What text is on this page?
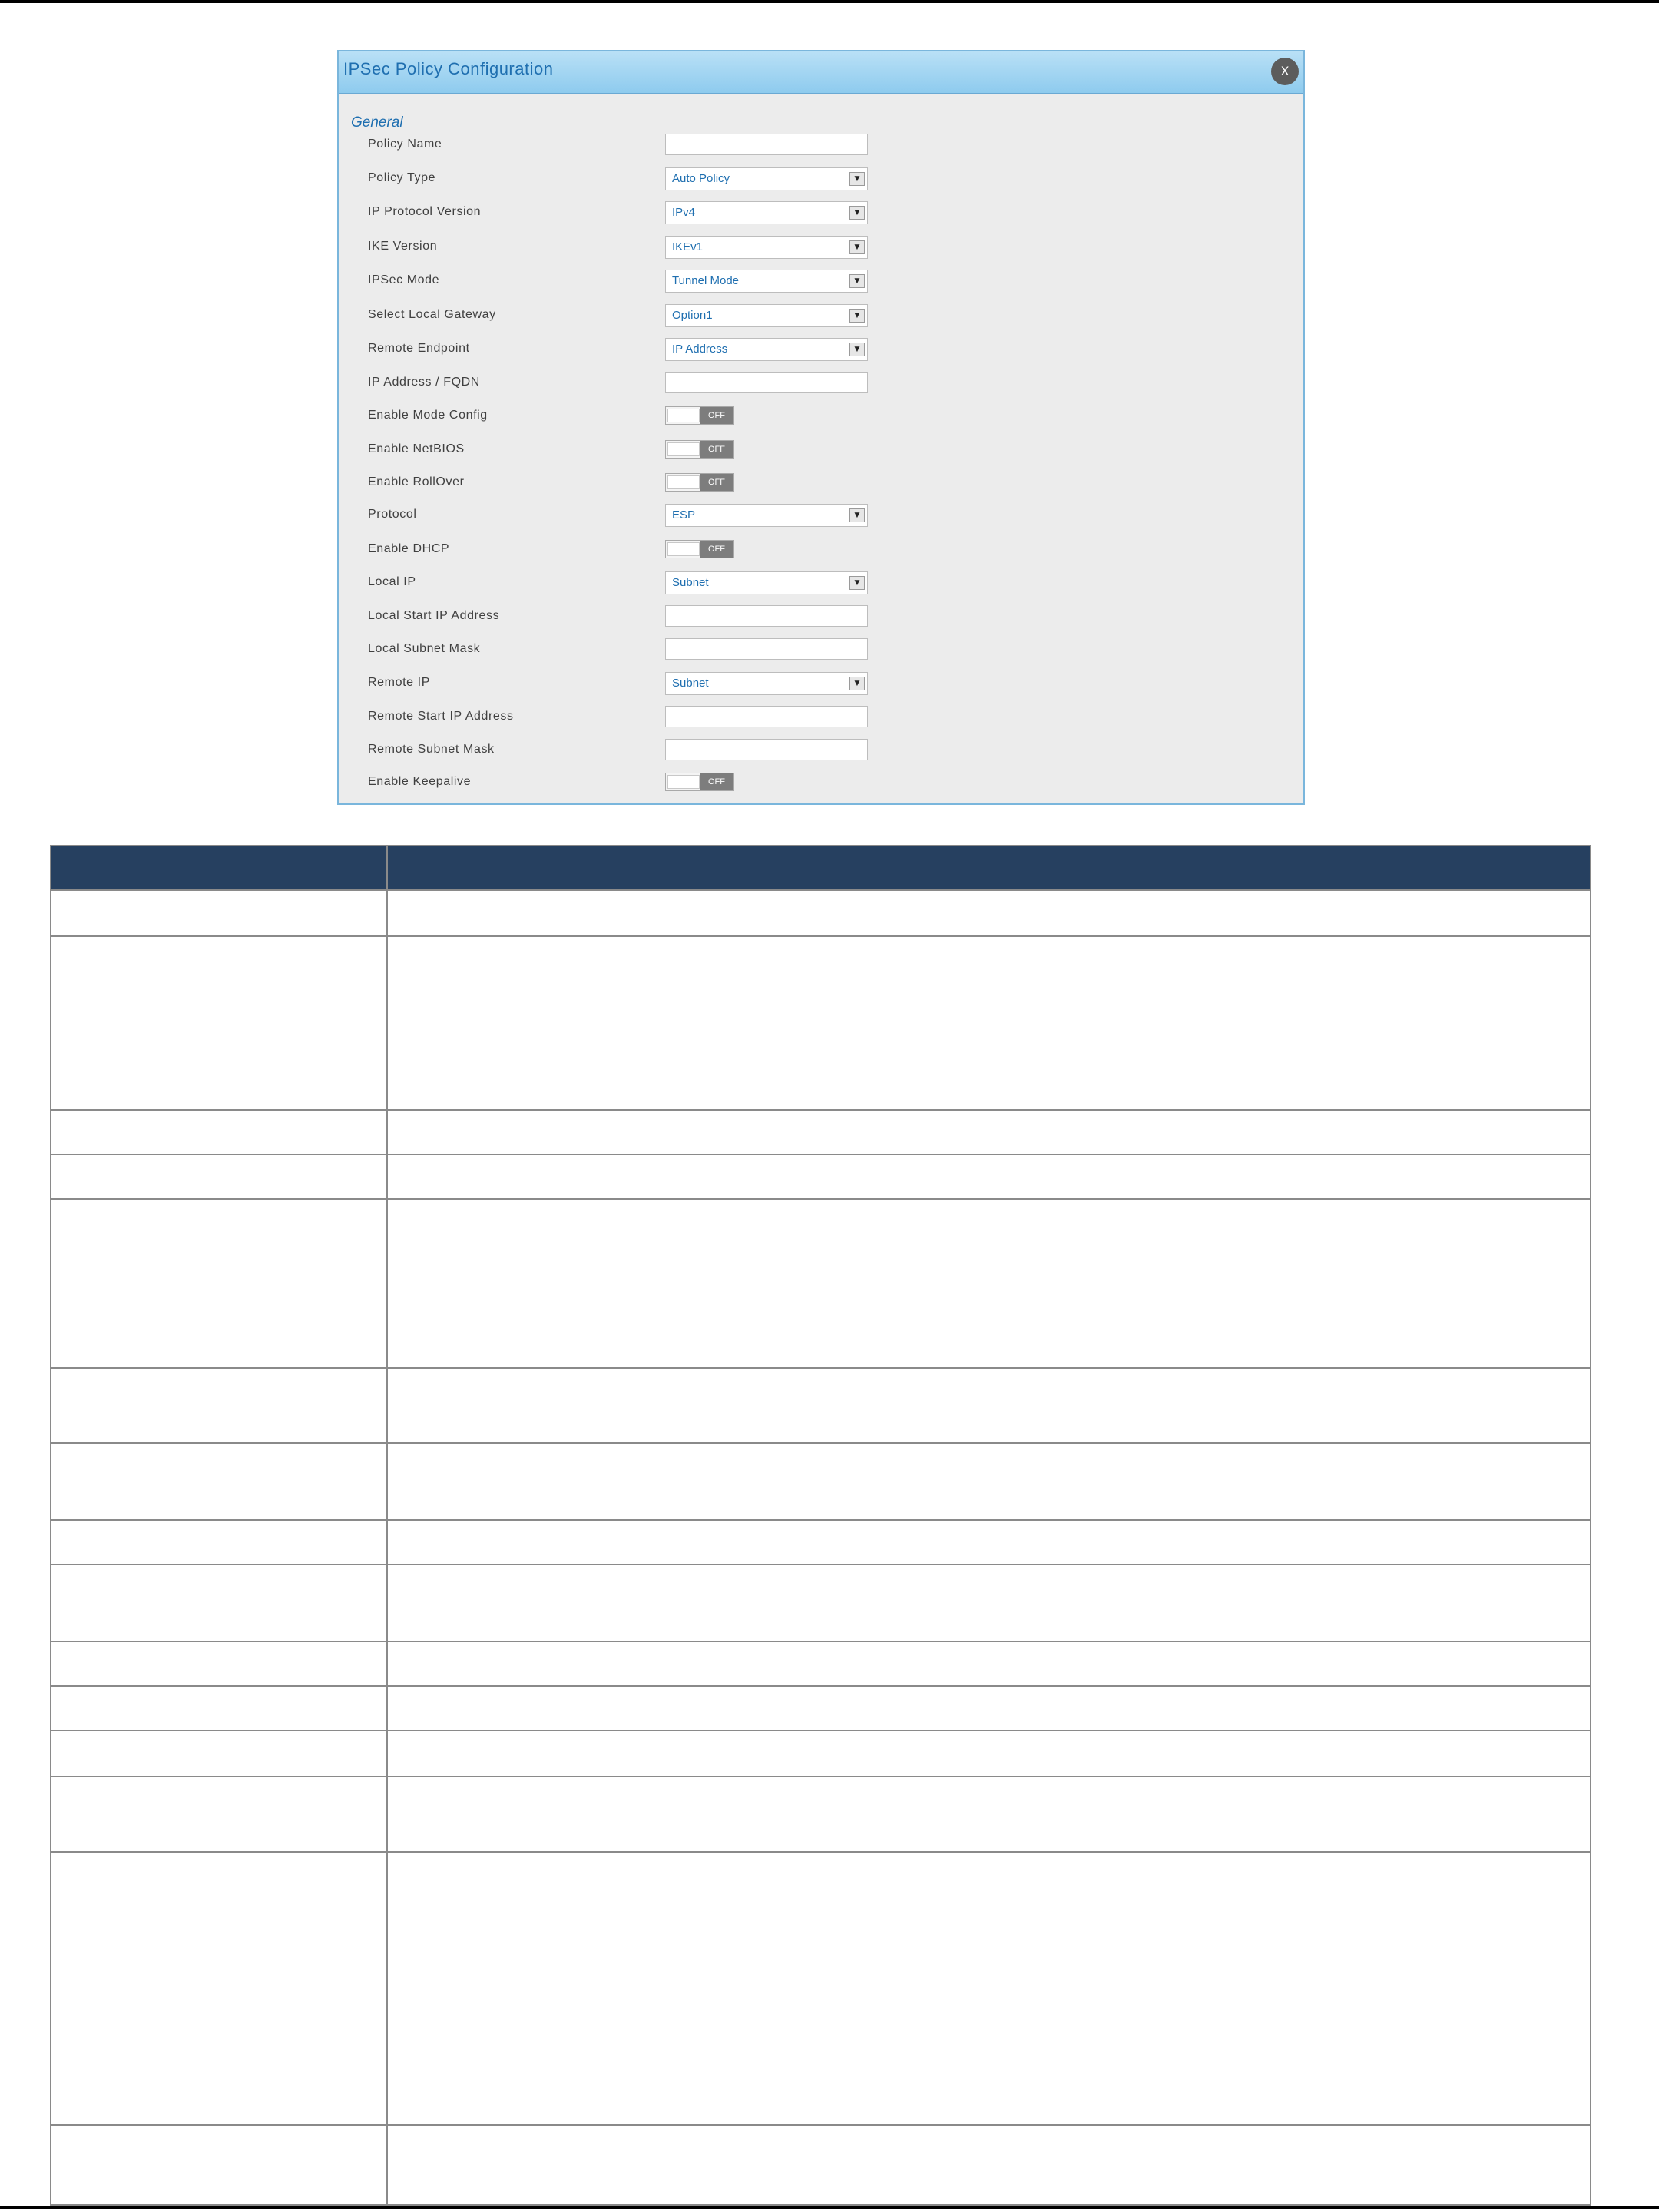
IPSec Policy Configuration	X
General
Policy Name
Policy Type	Auto Policy	▼
IP Protocol Version	IPv4	▼
IKE Version	IKEv1	▼
IPSec Mode	Tunnel Mode	▼
Select Local Gateway	Option1	▼
Remote Endpoint	IP Address	▼
IP Address / FQDN
Enable Mode Config	OFF
Enable NetBIOS	OFF
Enable RollOver	OFF
Protocol	ESP	▼
Enable DHCP	OFF
Local IP	Subnet	▼
Local Start IP Address
Local Subnet Mask
Remote IP	Subnet	▼
Remote Start IP Address
Remote Subnet Mask
Enable Keepalive	OFF
